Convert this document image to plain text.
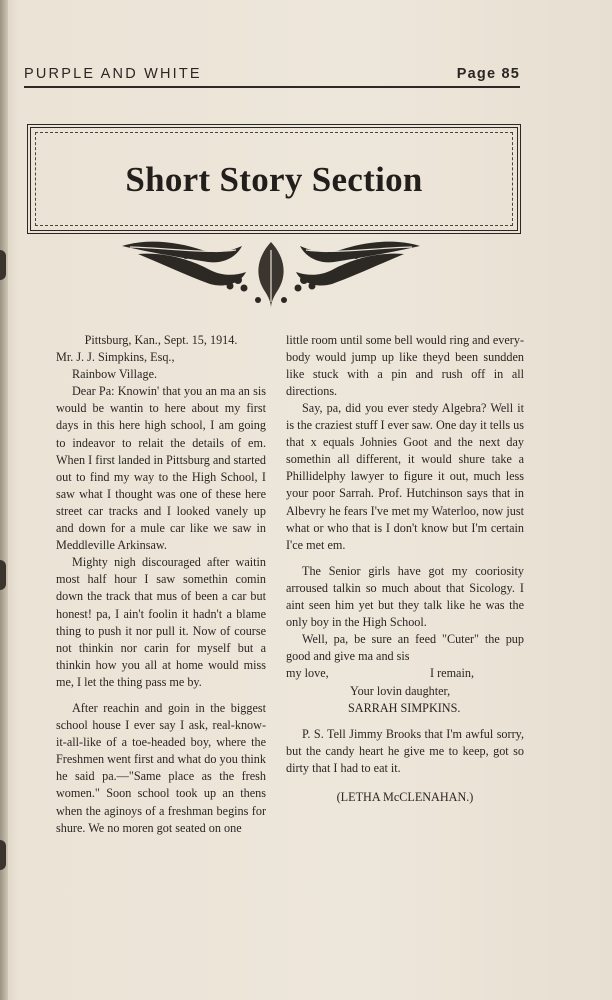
PURPLE AND WHITE	Page 85
Short Story Section

Pittsburg, Kan., Sept. 15, 1914.

Mr. J. J. Simpkins, Esq.,

Rainbow Village.

Dear Pa: Knowin' that you an ma an sis would be wantin to here about my first days in this here high school, I am going to indeavor to relait the details of em. When I first landed in Pittsburg and started out to find my way to the High School, I saw what I thought was one of these here street car tracks and I looked vanely up and down for a mule car like we saw in Meddleville Arkinsaw.

Mighty nigh discouraged after waitin most half hour I saw somethin comin down the track that mus of been a car but honest! pa, I ain't foolin it hadn't a blame thing to push it nor pull it. Now of course not thinkin nor carin for myself but a thinkin how you all at home would miss me, I let the thing pass me by.

After reachin and goin in the biggest school house I ever say I ask, real-know-it-all-like of a toe-headed boy, where the Freshmen went first and what do you think he said pa.—"Same place as the fresh women." Soon school took up an thens when the aginoys of a freshman begins for shure. We no moren got seated on one

little room until some bell would ring and every-body would jump up like theyd been sundden like stuck with a pin and rush off in all directions.

Say, pa, did you ever stedy Algebra? Well it is the craziest stuff I ever saw. One day it tells us that x equals Johnies Goot and the next day somethin all different, it would shure take a Phillidelphy lawyer to figure it out, much less your poor Sarrah. Prof. Hutchinson says that in Albevry he fears I've met my Waterloo, now just what or who that is I don't know but I'm certain I'ce met em.

The Senior girls have got my cooriosity arroused talkin so much about that Sicology. I aint seen him yet but they talk like he was the only boy in the High School.

Well, pa, be sure an feed "Cuter" the pup good and give ma and sis

my love,	I remain,

Your lovin daughter,

SARRAH SIMPKINS.

P. S. Tell Jimmy Brooks that I'm awful sorry, but the candy heart he give me to keep, got so dirty that I had to eat it.

(LETHA McCLENAHAN.)
